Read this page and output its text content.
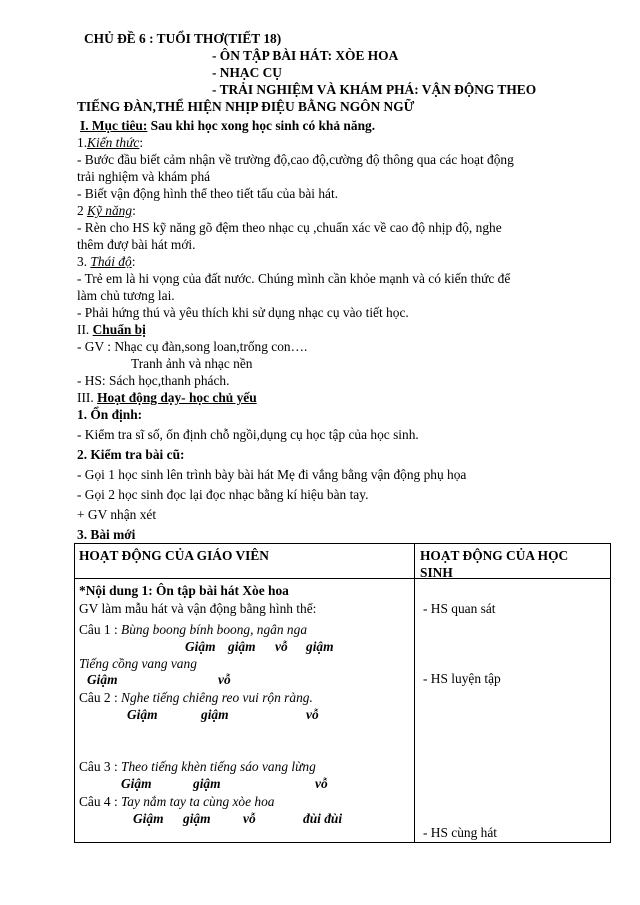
CHỦ ĐỀ 6 : TUỔI THƠ(TIẾT 18)
- ÔN TẬP BÀI HÁT: XÒE HOA
- NHẠC CỤ
- TRẢI NGHIỆM VÀ KHÁM PHÁ: VẬN ĐỘNG THEO
TIẾNG ĐÀN,THỂ HIỆN NHỊP ĐIỆU BẰNG NGÔN NGỮ
I. Mục tiêu: Sau khi học xong học sinh có khả năng.
1.Kiến thức:
- Bước đầu biết cảm nhận về trường độ,cao độ,cường độ thông qua các hoạt động
trải nghiệm và khám phá
- Biết vận động hình thể theo tiết tấu của bài hát.
2 Kỹ năng:
- Rèn cho HS kỹ năng gõ đệm theo nhạc cụ ,chuẩn xác về cao độ nhịp độ, nghe
thêm đượ bài hát mới.
3. Thái độ:
- Trẻ em là hi vọng của đất nước. Chúng mình cần khỏe mạnh và có kiến thức để
làm chủ tương lai.
- Phải hứng thú và yêu thích khi sử dụng nhạc cụ vào tiết học.
II. Chuẩn bị
- GV : Nhạc cụ đàn,song loan,trống con….
Tranh ảnh và nhạc nền
- HS: Sách học,thanh phách.
III. Hoạt động dạy- học chủ yếu
1. Ổn định:
- Kiểm tra sĩ số, ổn định chỗ ngồi,dụng cụ học tập của học sinh.
2. Kiểm tra bài cũ:
- Gọi 1 học sinh lên trình bày bài hát Mẹ đi vắng bằng vận động phụ họa
- Gọi 2 học sinh đọc lại đọc nhạc bằng kí hiệu bàn tay.
+ GV nhận xét
3. Bài mới
HOẠT ĐỘNG CỦA GIÁO VIÊN	HOẠT ĐỘNG CỦA HỌC
SINH
*Nội dung 1: Ôn tập bài hát Xòe hoa
GV làm mẫu hát và vận động bằng hình thể:
Câu 1 : Bùng boong bính boong, ngân nga
Giậm giậm vỗ giậm
Tiếng cồng vang vang
Giậm	vỗ
Câu 2 : Nghe tiếng chiêng reo vui rộn ràng.
Giậm	giậm	vỗ
Câu 3 : Theo tiếng khèn tiếng sáo vang lừng
Giậm	giậm	vỗ
Câu 4 : Tay nắm tay ta cùng xòe hoa
Giậm giậm vỗ	đùi đùi
- HS quan sát
- HS luyện tập
- HS cùng hát
